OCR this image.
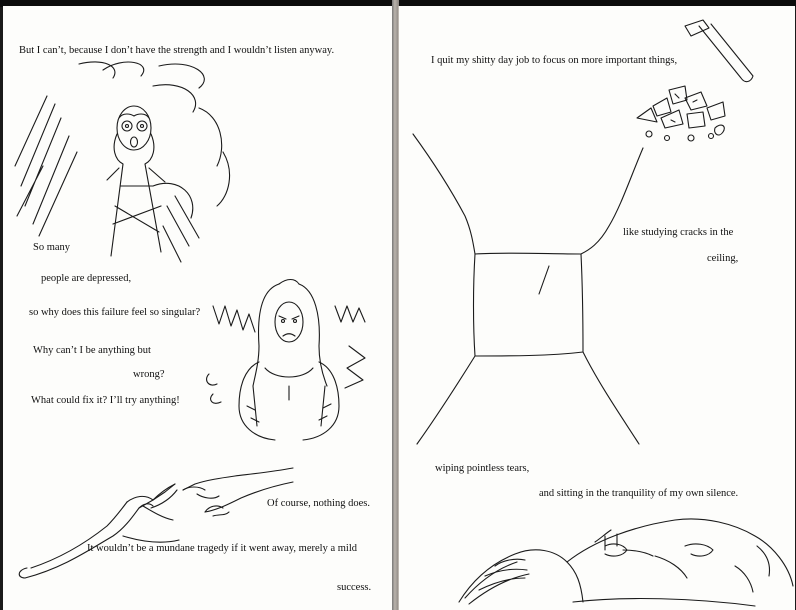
But I can’t, because I don’t have the strength and I wouldn’t listen anyway.
So many
people are depressed,
so why does this failure feel so singular?
Why can’t I be anything but
wrong?
What could fix it? I’ll try anything!
Of course, nothing does.
It wouldn’t be a mundane tragedy if it went away, merely a mild
success.
I quit my shitty day job to focus on more important things,
like studying cracks in the
ceiling,
wiping pointless tears,
and sitting in the tranquility of my own silence.
